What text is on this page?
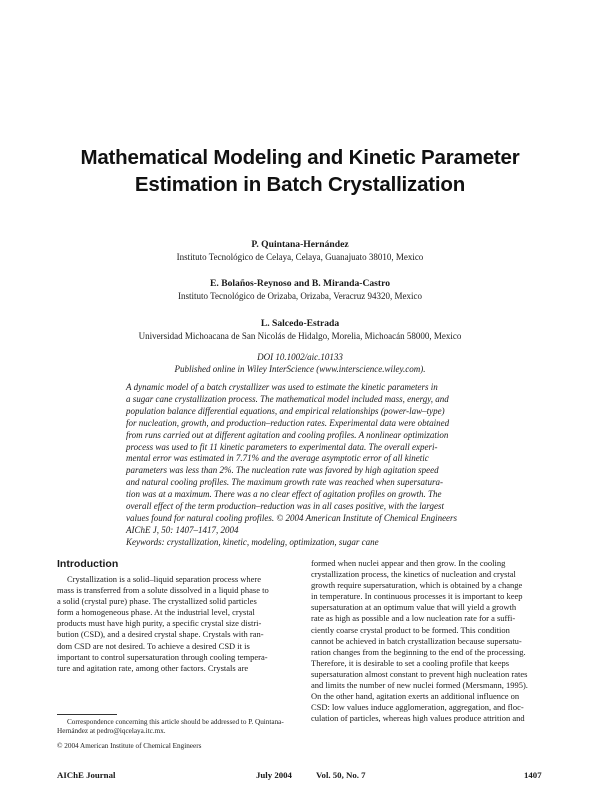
Mathematical Modeling and Kinetic Parameter
Estimation in Batch Crystallization
P. Quintana-Hernández
Instituto Tecnológico de Celaya, Celaya, Guanajuato 38010, Mexico
E. Bolaños-Reynoso and B. Miranda-Castro
Instituto Tecnológico de Orizaba, Orizaba, Veracruz 94320, Mexico
L. Salcedo-Estrada
Universidad Michoacana de San Nicolás de Hidalgo, Morelia, Michoacán 58000, Mexico
DOI 10.1002/aic.10133
Published online in Wiley InterScience (www.interscience.wiley.com).
A dynamic model of a batch crystallizer was used to estimate the kinetic parameters in
a sugar cane crystallization process. The mathematical model included mass, energy, and
population balance differential equations, and empirical relationships (power-law–type)
for nucleation, growth, and production–reduction rates. Experimental data were obtained
from runs carried out at different agitation and cooling profiles. A nonlinear optimization
process was used to fit 11 kinetic parameters to experimental data. The overall experi-
mental error was estimated in 7.71% and the average asymptotic error of all kinetic
parameters was less than 2%. The nucleation rate was favored by high agitation speed
and natural cooling profiles. The maximum growth rate was reached when supersatura-
tion was at a maximum. There was a no clear effect of agitation profiles on growth. The
overall effect of the term production–reduction was in all cases positive, with the largest
values found for natural cooling profiles. © 2004 American Institute of Chemical Engineers
AIChE J, 50: 1407–1417, 2004
Keywords: crystallization, kinetic, modeling, optimization, sugar cane
Introduction
Crystallization is a solid–liquid separation process where
mass is transferred from a solute dissolved in a liquid phase to
a solid (crystal pure) phase. The crystallized solid particles
form a homogeneous phase. At the industrial level, crystal
products must have high purity, a specific crystal size distri-
bution (CSD), and a desired crystal shape. Crystals with ran-
dom CSD are not desired. To achieve a desired CSD it is
important to control supersaturation through cooling tempera-
ture and agitation rate, among other factors. Crystals are
Correspondence concerning this article should be addressed to P. Quintana-
Hernández at pedro@iqcelaya.itc.mx.
© 2004 American Institute of Chemical Engineers
formed when nuclei appear and then grow. In the cooling
crystallization process, the kinetics of nucleation and crystal
growth require supersaturation, which is obtained by a change
in temperature. In continuous processes it is important to keep
supersaturation at an optimum value that will yield a growth
rate as high as possible and a low nucleation rate for a suffi-
ciently coarse crystal product to be formed. This condition
cannot be achieved in batch crystallization because supersatu-
ration changes from the beginning to the end of the processing.
Therefore, it is desirable to set a cooling profile that keeps
supersaturation almost constant to prevent high nucleation rates
and limits the number of new nuclei formed (Mersmann, 1995).
On the other hand, agitation exerts an additional influence on
CSD: low values induce agglomeration, aggregation, and floc-
culation of particles, whereas high values produce attrition and
AIChE Journal	July 2004	Vol. 50, No. 7	1407
